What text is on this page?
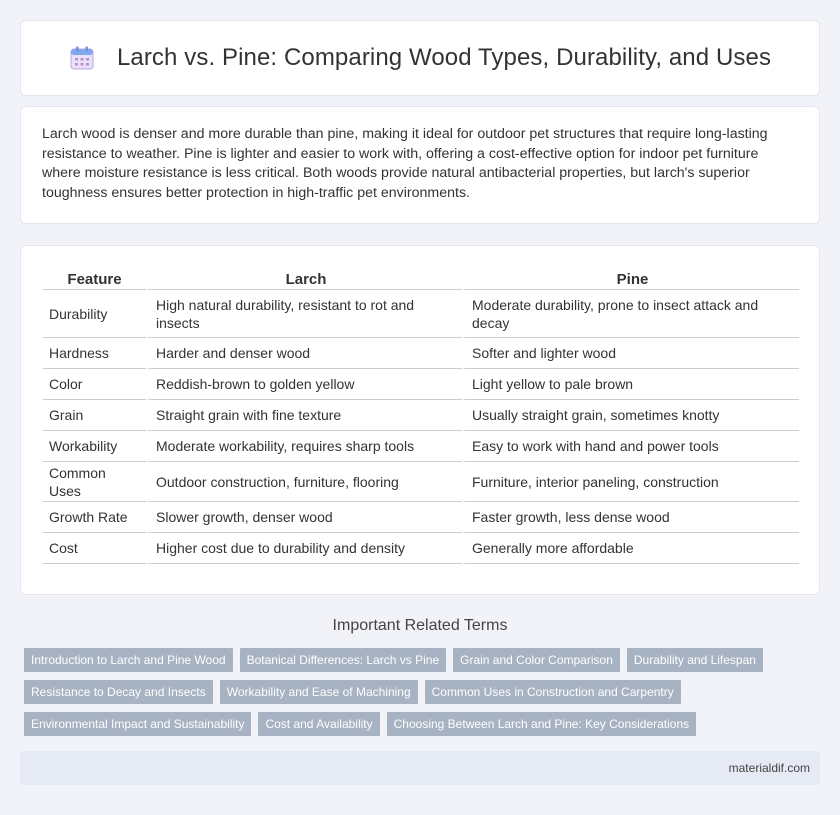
Larch vs. Pine: Comparing Wood Types, Durability, and Uses

Larch wood is denser and more durable than pine, making it ideal for outdoor pet structures that require long-lasting resistance to weather. Pine is lighter and easier to work with, offering a cost-effective option for indoor pet furniture where moisture resistance is less critical. Both woods provide natural antibacterial properties, but larch's superior toughness ensures better protection in high-traffic pet environments.

Feature	Larch	Pine
Durability	High natural durability, resistant to rot and insects	Moderate durability, prone to insect attack and decay
Hardness	Harder and denser wood	Softer and lighter wood
Color	Reddish-brown to golden yellow	Light yellow to pale brown
Grain	Straight grain with fine texture	Usually straight grain, sometimes knotty
Workability	Moderate workability, requires sharp tools	Easy to work with hand and power tools
Common Uses	Outdoor construction, furniture, flooring	Furniture, interior paneling, construction
Growth Rate	Slower growth, denser wood	Faster growth, less dense wood
Cost	Higher cost due to durability and density	Generally more affordable
Important Related Terms
Introduction to Larch and Pine Wood	Botanical Differences: Larch vs Pine	Grain and Color Comparison	Durability and Lifespan
Resistance to Decay and Insects	Workability and Ease of Machining	Common Uses in Construction and Carpentry
Environmental Impact and Sustainability	Cost and Availability	Choosing Between Larch and Pine: Key Considerations
materialdif.com
